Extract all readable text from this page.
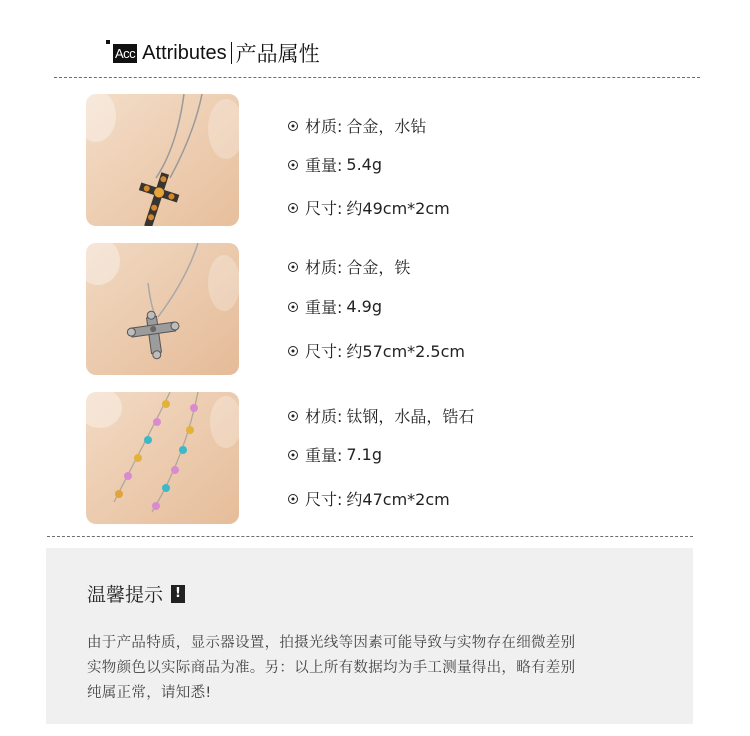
Acc Attributes 产品属性
材质: 合金，水钻
重量: 5.4g
尺寸: 约49cm*2cm
材质: 合金，铁
重量: 4.9g
尺寸: 约57cm*2.5cm
材质: 钛钢，水晶，锆石
重量: 7.1g
尺寸: 约47cm*2cm
温馨提示 !
由于产品特质，显示器设置，拍摄光线等因素可能导致与实物存在细微差别
实物颜色以实际商品为准。另：以上所有数据均为手工测量得出，略有差别
纯属正常，请知悉!
